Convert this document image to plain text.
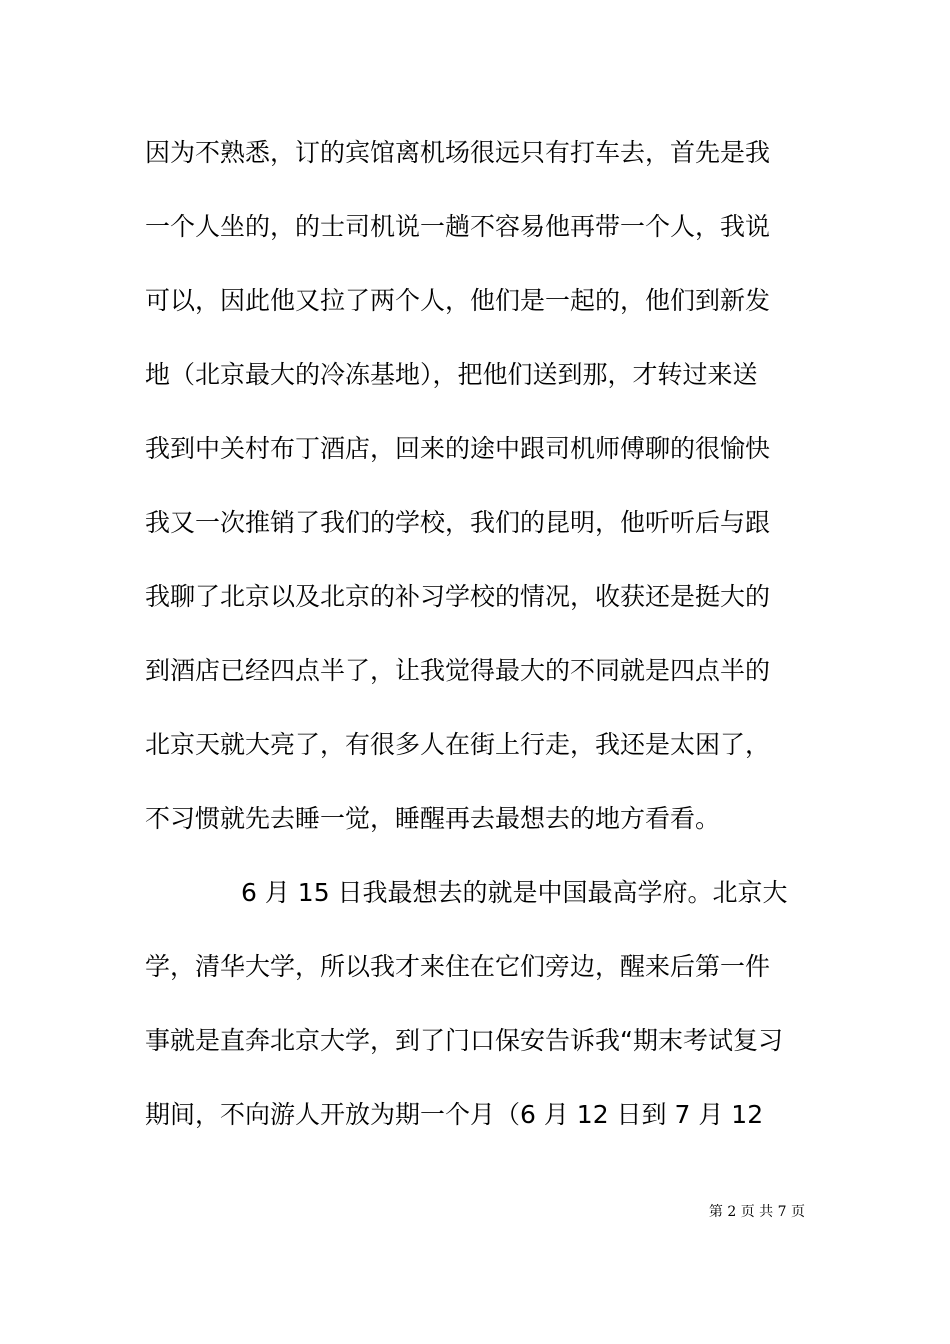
因为不熟悉，订的宾馆离机场很远只有打车去，首先是我
一个人坐的，的士司机说一趟不容易他再带一个人，我说
可以，因此他又拉了两个人，他们是一起的，他们到新发
地（北京最大的冷冻基地），把他们送到那，才转过来送
我到中关村布丁酒店，回来的途中跟司机师傅聊的很愉快
我又一次推销了我们的学校，我们的昆明，他听听后与跟
我聊了北京以及北京的补习学校的情况，收获还是挺大的
到酒店已经四点半了，让我觉得最大的不同就是四点半的
北京天就大亮了，有很多人在街上行走，我还是太困了，
不习惯就先去睡一觉，睡醒再去最想去的地方看看。
6 月 15 日我最想去的就是中国最高学府。北京大
学，清华大学，所以我才来住在它们旁边，醒来后第一件
事就是直奔北京大学，到了门口保安告诉我“期末考试复习
期间，不向游人开放为期一个月（6 月 12 日到 7 月 12
第 2 页 共 7 页
